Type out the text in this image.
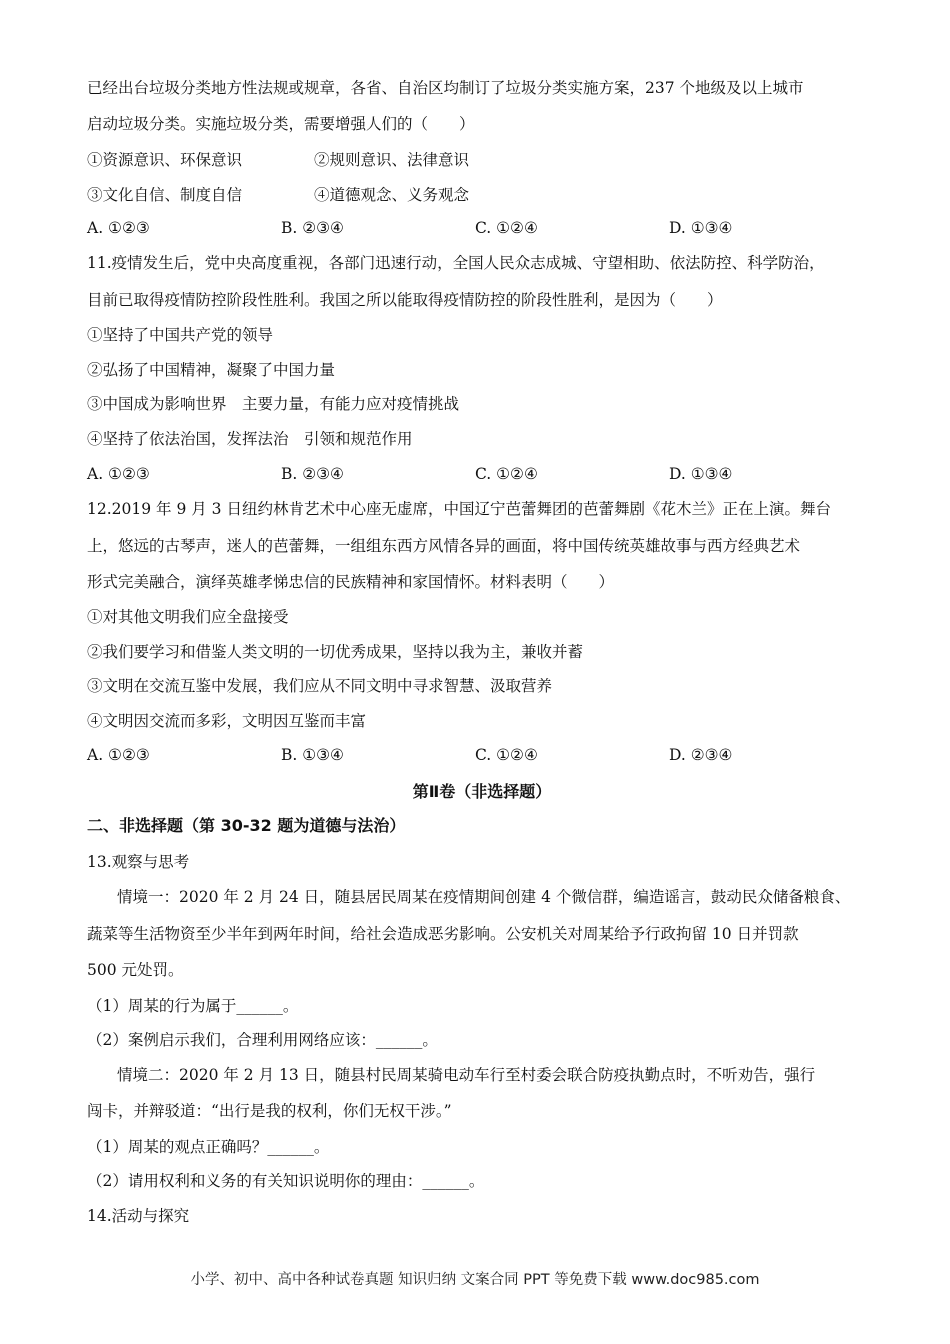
已经出台垃圾分类地方性法规或规章，各省、自治区均制订了垃圾分类实施方案，237 个地级及以上城市
启动垃圾分类。实施垃圾分类，需要增强人们的（　　）
①资源意识、环保意识	②规则意识、法律意识
③文化自信、制度自信	④道德观念、义务观念
A. ①②③	B. ②③④	C. ①②④	D. ①③④
11.疫情发生后，党中央高度重视，各部门迅速行动，全国人民众志成城、守望相助、依法防控、科学防治，
目前已取得疫情防控阶段性胜利。我国之所以能取得疫情防控的阶段性胜利，是因为（　　）
①坚持了中国共产党的领导
②弘扬了中国精神，凝聚了中国力量
③中国成为影响世界　主要力量，有能力应对疫情挑战
④坚持了依法治国，发挥法治　引领和规范作用
A. ①②③	B. ②③④	C. ①②④	D. ①③④
12.2019 年 9 月 3 日纽约林肯艺术中心座无虚席，中国辽宁芭蕾舞团的芭蕾舞剧《花木兰》正在上演。舞台
上，悠远的古琴声，迷人的芭蕾舞，一组组东西方风情各异的画面，将中国传统英雄故事与西方经典艺术
形式完美融合，演绎英雄孝悌忠信的民族精神和家国情怀。材料表明（　　）
①对其他文明我们应全盘接受
②我们要学习和借鉴人类文明的一切优秀成果，坚持以我为主，兼收并蓄
③文明在交流互鉴中发展，我们应从不同文明中寻求智慧、汲取营养
④文明因交流而多彩，文明因互鉴而丰富
A. ①②③	B. ①③④	C. ①②④	D. ②③④
第Ⅱ卷（非选择题）
二、非选择题（第 30-32 题为道德与法治）
13.观察与思考
情境一：2020 年 2 月 24 日，随县居民周某在疫情期间创建 4 个微信群，编造谣言，鼓动民众储备粮食、
蔬菜等生活物资至少半年到两年时间，给社会造成恶劣影响。公安机关对周某给予行政拘留 10 日并罚款
500 元处罚。
（1）周某的行为属于______。
（2）案例启示我们，合理利用网络应该：______。
情境二：2020 年 2 月 13 日，随县村民周某骑电动车行至村委会联合防疫执勤点时，不听劝告，强行
闯卡，并辩驳道：“出行是我的权利，你们无权干涉。”
（1）周某的观点正确吗？______。
（2）请用权利和义务的有关知识说明你的理由：______。
14.活动与探究
小学、初中、高中各种试卷真题 知识归纳 文案合同 PPT 等免费下载 www.doc985.com
